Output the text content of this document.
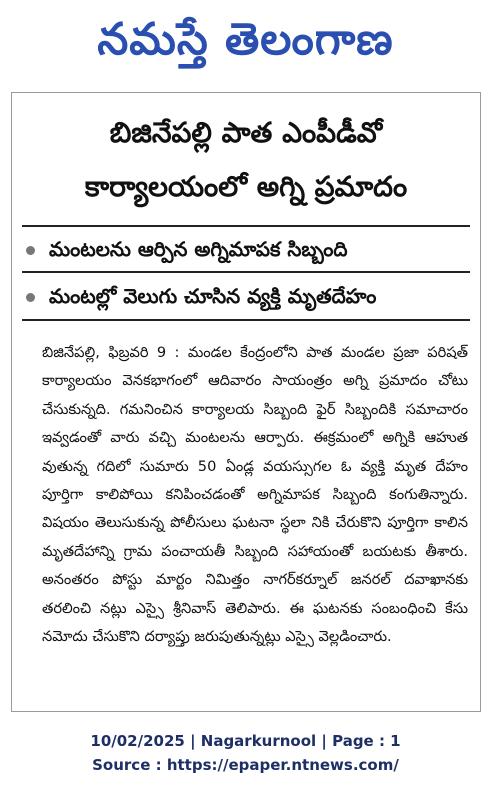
నమస్తే తెలంగాణ
బిజినేపల్లి పాత ఎంపీడీవో
కార్యాలయంలో అగ్ని ప్రమాదం
మంటలను ఆర్పిన అగ్నిమాపక సిబ్బంది
మంటల్లో వెలుగు చూసిన వ్యక్తి మృతదేహం

బిజినేపల్లి, ఫిబ్రవరి 9 : మండల కేంద్రంలోని పాత మండల ప్రజా పరిషత్ కార్యాలయం వెనకభాగంలో ఆదివారం సాయంత్రం అగ్ని ప్రమాదం చోటు చేసుకున్నది. గమనించిన కార్యాలయ సిబ్బంది ఫైర్ సిబ్బందికి సమాచారం ఇవ్వడంతో వారు వచ్చి మంటలను ఆర్పారు. ఈక్రమంలో అగ్నికి ఆహుత వుతున్న గదిలో సుమారు 50 ఏండ్ల వయస్సుగల ఓ వ్యక్తి మృత దేహం పూర్తిగా కాలిపోయి కనిపించడంతో అగ్నిమాపక సిబ్బంది కంగుతిన్నారు. విషయం తెలుసుకున్న పోలీసులు ఘటనా స్థలా నికి చేరుకొని పూర్తిగా కాలిన మృతదేహాన్ని గ్రామ పంచాయతీ సిబ్బంది సహాయంతో బయటకు తీశారు. అనంతరం పోస్టు మార్టం నిమిత్తం నాగర్‌కర్నూల్ జనరల్ దవాఖానకు తరలించి నట్లు ఎస్సై శ్రీనివాస్ తెలిపారు. ఈ ఘటనకు సంబంధించి కేసు నమోదు చేసుకొని దర్యాప్తు జరుపుతున్నట్లు ఎస్సై వెల్లడించారు.

10/02/2025 | Nagarkurnool | Page : 1
Source : https://epaper.ntnews.com/
